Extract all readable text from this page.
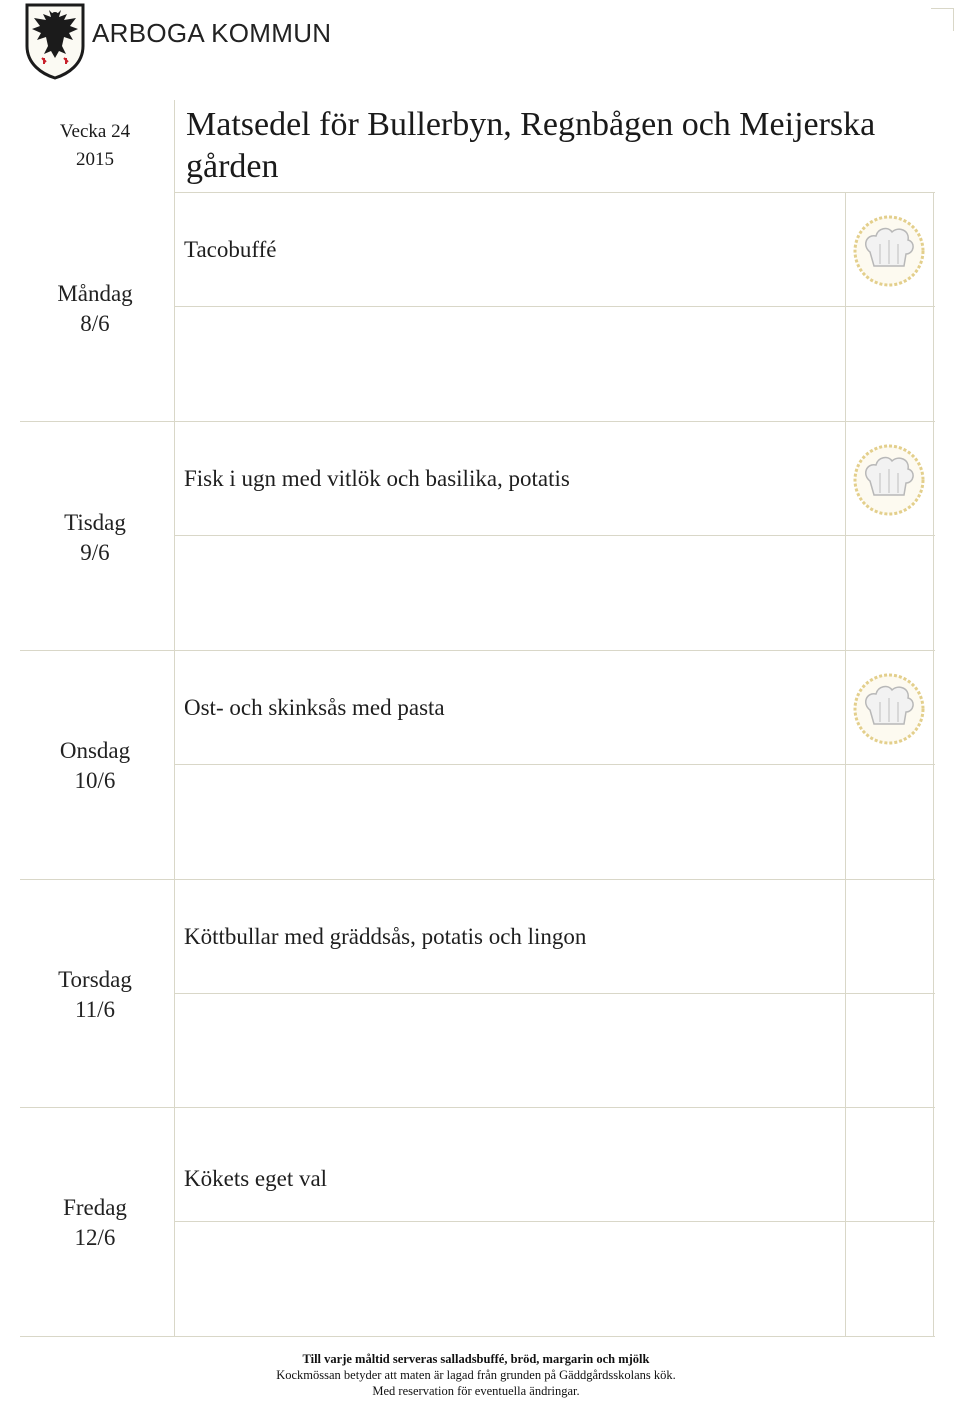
ARBOGA KOMMUN
Vecka 24
2015
Matsedel för Bullerbyn, Regnbågen och Meijerska gården
Måndag
8/6
Tacobuffé
Tisdag
9/6
Fisk i ugn med vitlök och basilika, potatis
Onsdag
10/6
Ost- och skinksås med pasta
Torsdag
11/6
Köttbullar med gräddsås, potatis och lingon
Fredag
12/6
Kökets eget val
Till varje måltid serveras salladsbuffé, bröd, margarin och mjölk
Kockmössan betyder att maten är lagad från grunden på Gäddgårdsskolans kök.
Med reservation för eventuella ändringar.
